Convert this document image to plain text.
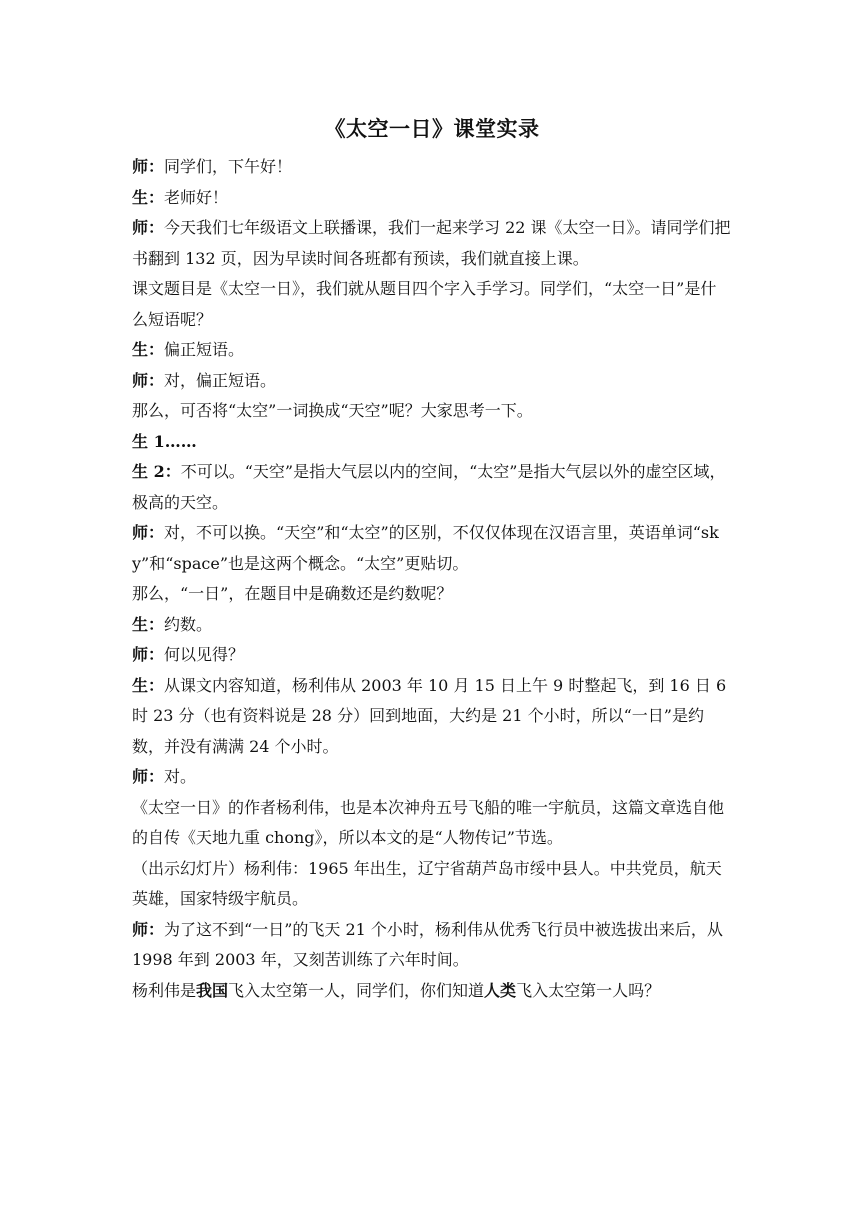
《太空一日》课堂实录

师：同学们，下午好！

生：老师好！

师：今天我们七年级语文上联播课，我们一起来学习 22 课《太空一日》。请同学们把书翻到 132 页，因为早读时间各班都有预读，我们就直接上课。

课文题目是《太空一日》，我们就从题目四个字入手学习。同学们，“太空一日”是什么短语呢？

生：偏正短语。

师：对，偏正短语。

那么，可否将“太空”一词换成“天空”呢？大家思考一下。

生 1……

生 2：不可以。“天空”是指大气层以内的空间，“太空”是指大气层以外的虚空区域，极高的天空。

师：对，不可以换。“天空”和“太空”的区别，不仅仅体现在汉语言里，英语单词“sky”和“space”也是这两个概念。“太空”更贴切。

那么，“一日”，在题目中是确数还是约数呢？

生：约数。

师：何以见得？

生：从课文内容知道，杨利伟从 2003 年 10 月 15 日上午 9 时整起飞，到 16 日 6 时 23 分（也有资料说是 28 分）回到地面，大约是 21 个小时，所以“一日”是约数，并没有满满 24 个小时。

师：对。

《太空一日》的作者杨利伟，也是本次神舟五号飞船的唯一宇航员，这篇文章选自他的自传《天地九重 chong》，所以本文的是“人物传记”节选。

（出示幻灯片）杨利伟：1965 年出生，辽宁省葫芦岛市绥中县人。中共党员，航天英雄，国家特级宇航员。

师：为了这不到“一日”的飞天 21 个小时，杨利伟从优秀飞行员中被选拔出来后，从 1998 年到 2003 年，又刻苦训练了六年时间。

杨利伟是我国飞入太空第一人，同学们，你们知道人类飞入太空第一人吗？
